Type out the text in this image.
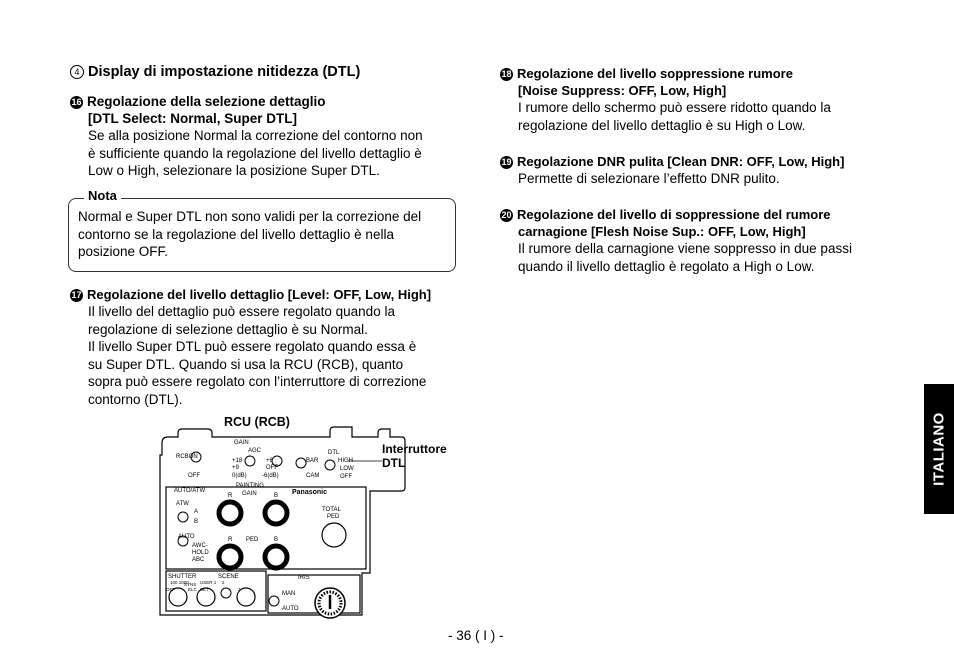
4 Display di impostazione nitidezza (DTL)
16 Regolazione della selezione dettaglio
[DTL Select: Normal, Super DTL]
Se alla posizione Normal la correzione del contorno non
è sufficiente quando la regolazione del livello dettaglio è
Low o High, selezionare la posizione Super DTL.
Nota
Normal e Super DTL non sono validi per la correzione del
contorno se la regolazione del livello dettaglio è nella
posizione OFF.
17 Regolazione del livello dettaglio [Level: OFF, Low, High]
Il livello del dettaglio può essere regolato quando la
regolazione di selezione dettaglio è su Normal.
Il livello Super DTL può essere regolato quando essa è
su Super DTL. Quando si usa la RCU (RCB), quanto
sopra può essere regolato con l’interruttore di correzione
contorno (DTL).
18 Regolazione del livello soppressione rumore
[Noise Suppress: OFF, Low, High]
I rumore dello schermo può essere ridotto quando la
regolazione del livello dettaglio è su High o Low.
19 Regolazione DNR pulita [Clean DNR: OFF, Low, High]
Permette di selezionare l’effetto DNR pulito.
20 Regolazione del livello di soppressione del rumore
carnagione [Flesh Noise Sup.: OFF, Low, High]
Il rumore della carnagione viene soppresso in due passi
quando il livello dettaglio è regolato a High o Low.
RCU (RCB)
GAIN
AGC
RCBON
OFF
+18
+9
0(dB)
+6
OFF
-6(dB)
BAR
CAM
DTL
HIGH
LOW
OFF
AUTO/ATW
PAINTING
R GAIN	B Panasonic
ATW
A
B
TOTAL
PED
AUTO
AWC-
HOLD
ABC
R PED	B
SHUTTER	SCENE	IRIS
100 1000
OFF	ELC
SYNS USER 1
SET
2
3
MAN
AUTO
Interruttore
DTL
- 36 ( I ) -
ITALIANO
